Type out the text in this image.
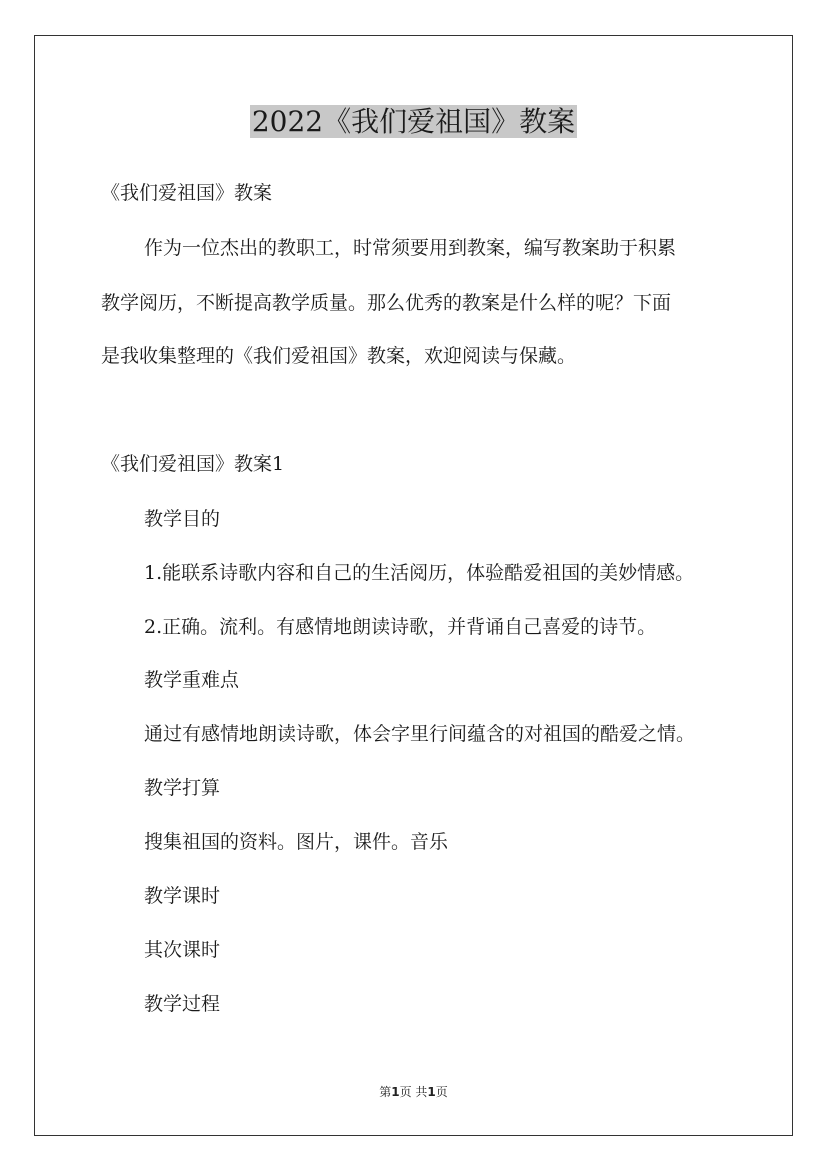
2022《我们爱祖国》教案
《我们爱祖国》教案
作为一位杰出的教职工，时常须要用到教案，编写教案助于积累
教学阅历，不断提高教学质量。那么优秀的教案是什么样的呢？下面
是我收集整理的《我们爱祖国》教案，欢迎阅读与保藏。
《我们爱祖国》教案1
教学目的
1.能联系诗歌内容和自己的生活阅历，体验酷爱祖国的美妙情感。
2.正确。流利。有感情地朗读诗歌，并背诵自己喜爱的诗节。
教学重难点
通过有感情地朗读诗歌，体会字里行间蕴含的对祖国的酷爱之情。
教学打算
搜集祖国的资料。图片，课件。音乐
教学课时
其次课时
教学过程
第1页 共1页
